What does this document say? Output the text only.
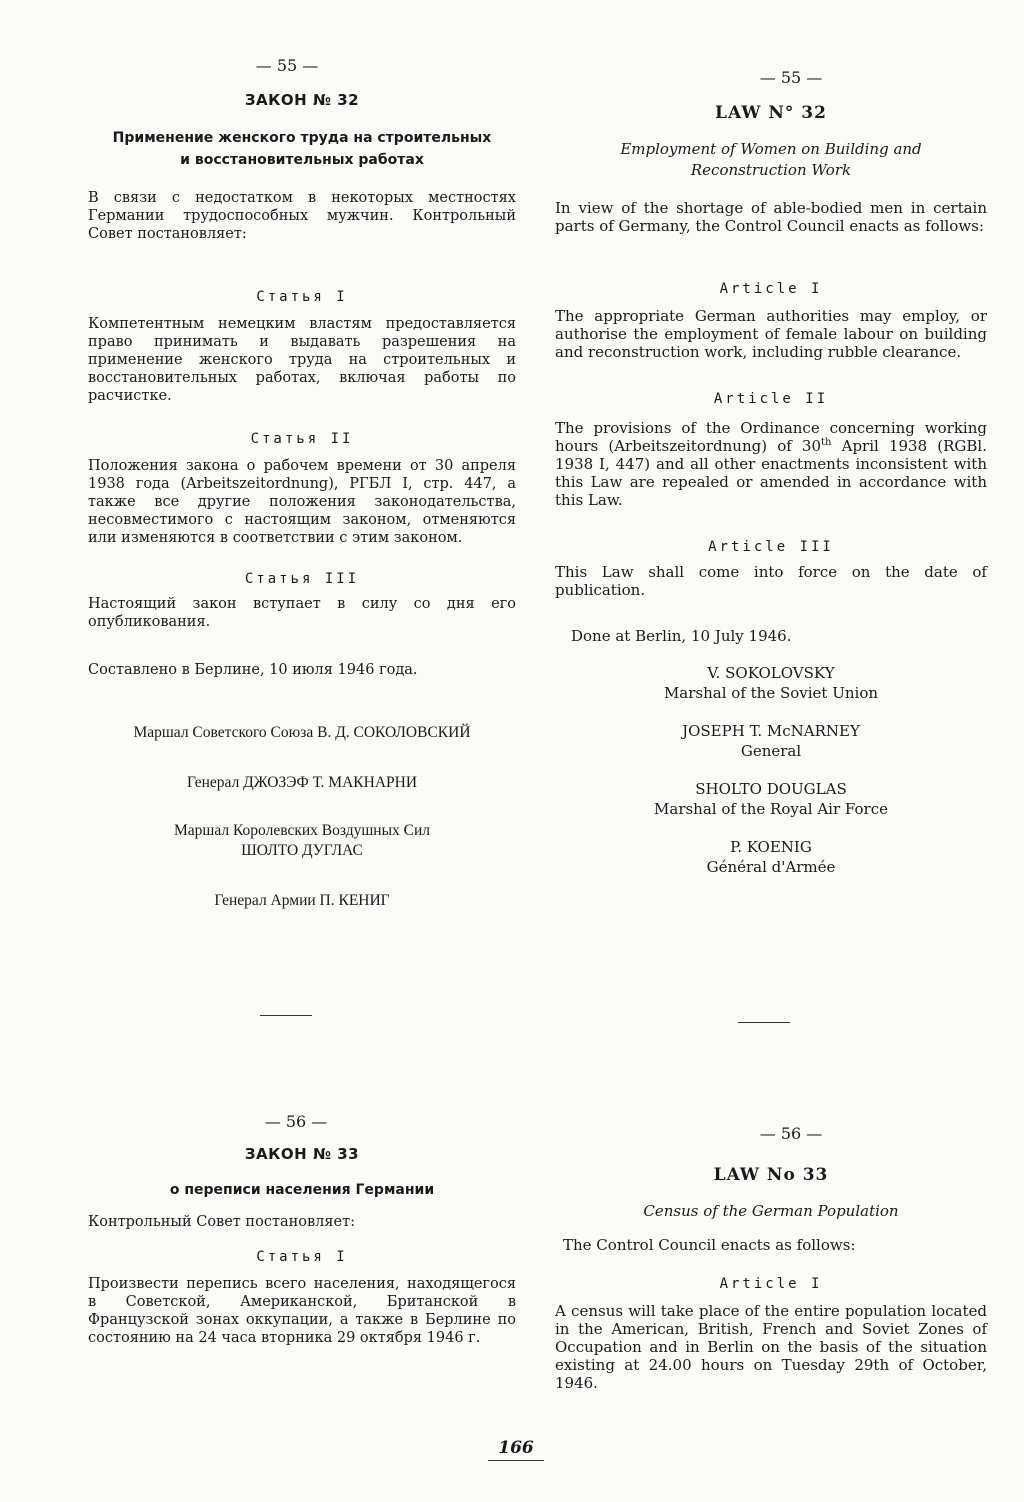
— 55 —
ЗАКОН № 32
Применение женского труда на строительных
и восстановительных работах

В связи с недостатком в некоторых местностях Германии трудоспособных мужчин. Контрольный Совет постановляет:

Статья I

Компетентным немецким властям предоставляется право принимать и выдавать разрешения на применение женского труда на строительных и восстановительных работах, включая работы по расчистке.

Статья II

Положения закона о рабочем времени от 30 апреля 1938 года (Arbeitszeitordnung), РГБЛ I, стр. 447, а также все другие положения законодательства, несовместимого с настоящим законом, отменяются или изменяются в соответствии с этим законом.

Статья III

Настоящий закон вступает в силу со дня его опубликования.

Составлено в Берлине, 10 июля 1946 года.

Маршал Советского Союза В. Д. СОКОЛОВСКИЙ
Генерал ДЖОЗЭФ Т. МАКНАРНИ
Маршал Королевских Воздушных Сил
ШОЛТО ДУГЛАС
Генерал Армии П. КЕНИГ
— 55 —
LAW N° 32
Employment of Women on Building and
Reconstruction Work

In view of the shortage of able-bodied men in certain parts of Germany, the Control Council enacts as follows:

Article I

The appropriate German authorities may employ, or authorise the employment of female labour on building and reconstruction work, including rubble clearance.

Article II

The provisions of the Ordinance concerning working hours (Arbeitszeitordnung) of 30th April 1938 (RGBl. 1938 I, 447) and all other enactments inconsistent with this Law are repealed or amended in accordance with this Law.

Article III

This Law shall come into force on the date of publication.

Done at Berlin, 10 July 1946.

V. SOKOLOVSKY
Marshal of the Soviet Union
JOSEPH T. McNARNEY
General
SHOLTO DOUGLAS
Marshal of the Royal Air Force
P. KOENIG
Général d'Armée
— 56 —
ЗАКОН № 33
о переписи населения Германии

Контрольный Совет постановляет:

Статья I

Произвести перепись всего населения, находящегося в Советской, Американской, Британской в Французской зонах оккупации, а также в Берлине по состоянию на 24 часа вторника 29 октября 1946 г.

— 56 —
LAW No 33
Census of the German Population

The Control Council enacts as follows:

Article I

A census will take place of the entire population located in the American, British, French and Soviet Zones of Occupation and in Berlin on the basis of the situation existing at 24.00 hours on Tuesday 29th of October, 1946.

166
